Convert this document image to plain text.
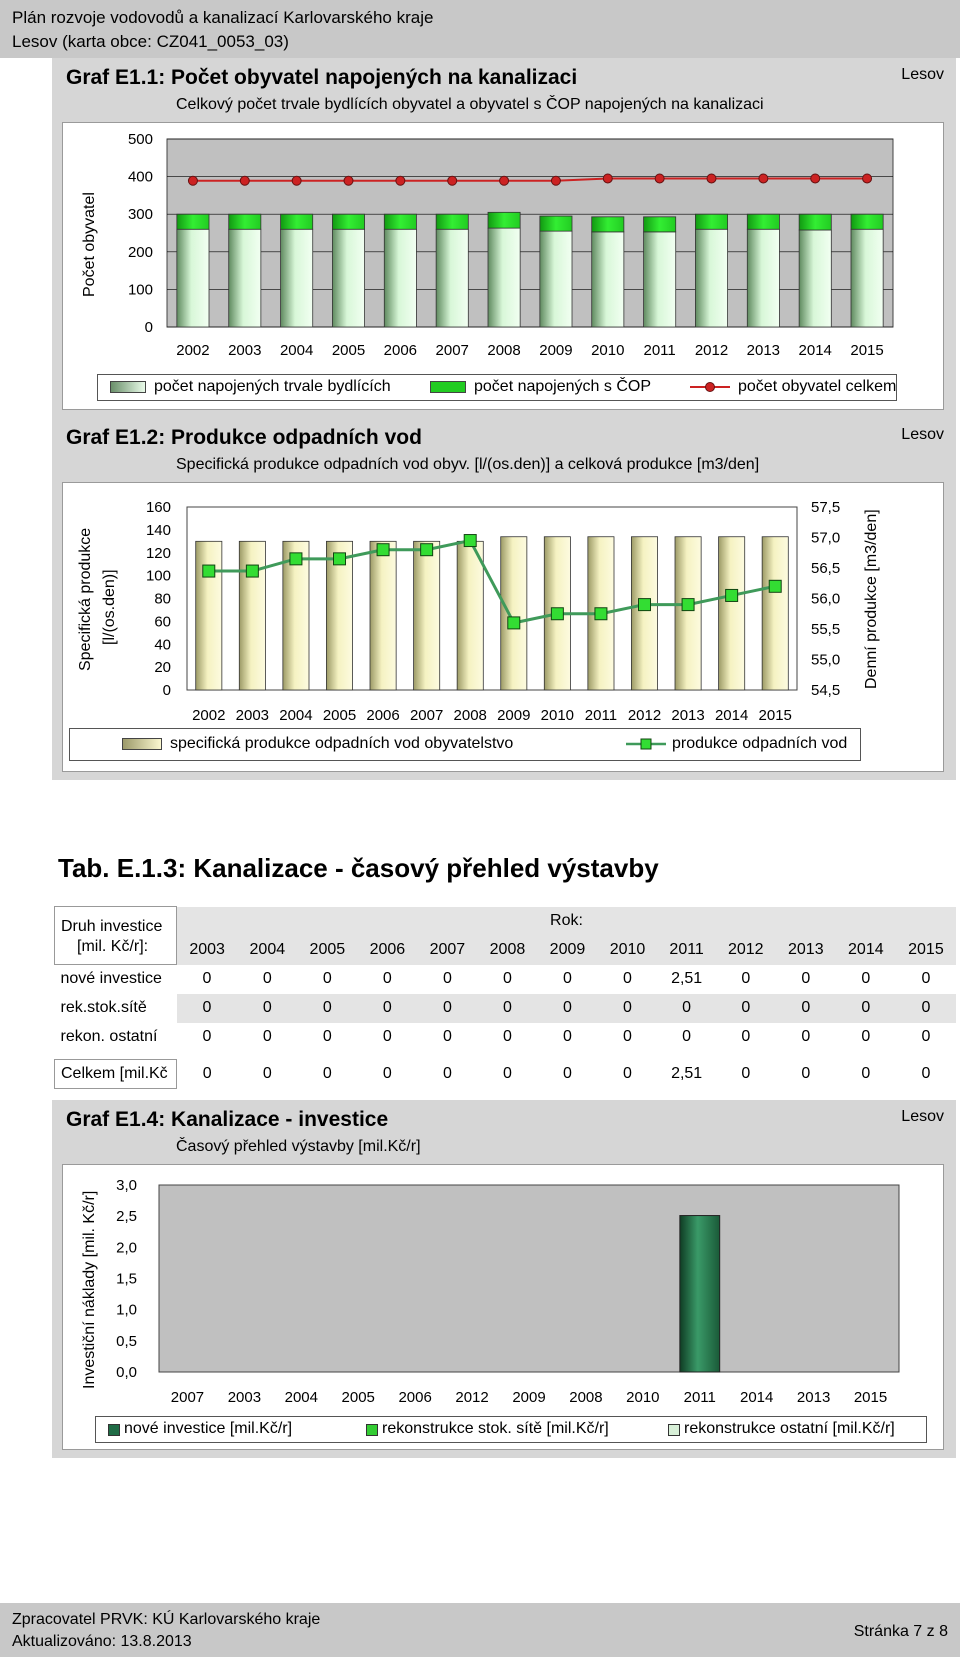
Plán rozvoje vodovodů a kanalizací Karlovarského kraje
Lesov (karta obce: CZ041_0053_03)
Graf E1.1: Počet obyvatel napojených na kanalizaci
Celkový počet trvale bydlících obyvatel a obyvatel s ČOP napojených na kanalizaci
Lesov
Počet obyvatel
0
100
200
300
400
500
2002 2003 2004 2005 2006 2007 2008 2009 2010 2011 2012 2013 2014 2015
počet napojených trvale bydlících	počet napojených s ČOP	počet obyvatel celkem
Graf E1.2: Produkce odpadních vod
Specifická produkce odpadních vod obyv. [l/(os.den)] a celková produkce [m3/den]
Lesov
Specifická produkce [l/(os.den)]	Denní produkce [m3/den]
0
20
40
60
80
100
120
140
160
54,5
55,0
55,5
56,0
56,5
57,0
57,5
2002 2003 2004 2005 2006 2007 2008 2009 2010 2011 2012 2013 2014 2015
specifická produkce odpadních vod obyvatelstvo	produkce odpadních vod
Tab. E.1.3: Kanalizace - časový přehled výstavby
Druh investice
[mil. Kč/r]:	Rok:												
	2003	2004	2005	2006	2007	2008	2009	2010	2011	2012	2013	2014	2015
nové investice	0	0	0	0	0	0	0	0	2,51	0	0	0	0
rek.stok.sítě	0	0	0	0	0	0	0	0	0	0	0	0	0
rekon. ostatní	0	0	0	0	0	0	0	0	0	0	0	0	0

Celkem [mil.Kč	0	0	0	0	0	0	0	0	2,51	0	0	0	0
Graf E1.4: Kanalizace - investice
Časový přehled výstavby [mil.Kč/r]
Lesov
Investiční náklady [mil. Kč/r] 0,0
0,5
1,0
1,5
2,0
2,5
3,0
2007 2003 2004 2005 2006 2012 2009 2008 2010 2011 2014 2013 2015
nové investice [mil.Kč/r]	rekonstrukce stok. sítě [mil.Kč/r]	rekonstrukce ostatní [mil.Kč/r]
Zpracovatel PRVK: KÚ Karlovarského kraje
Aktualizováno: 13.8.2013
Stránka 7 z 8
